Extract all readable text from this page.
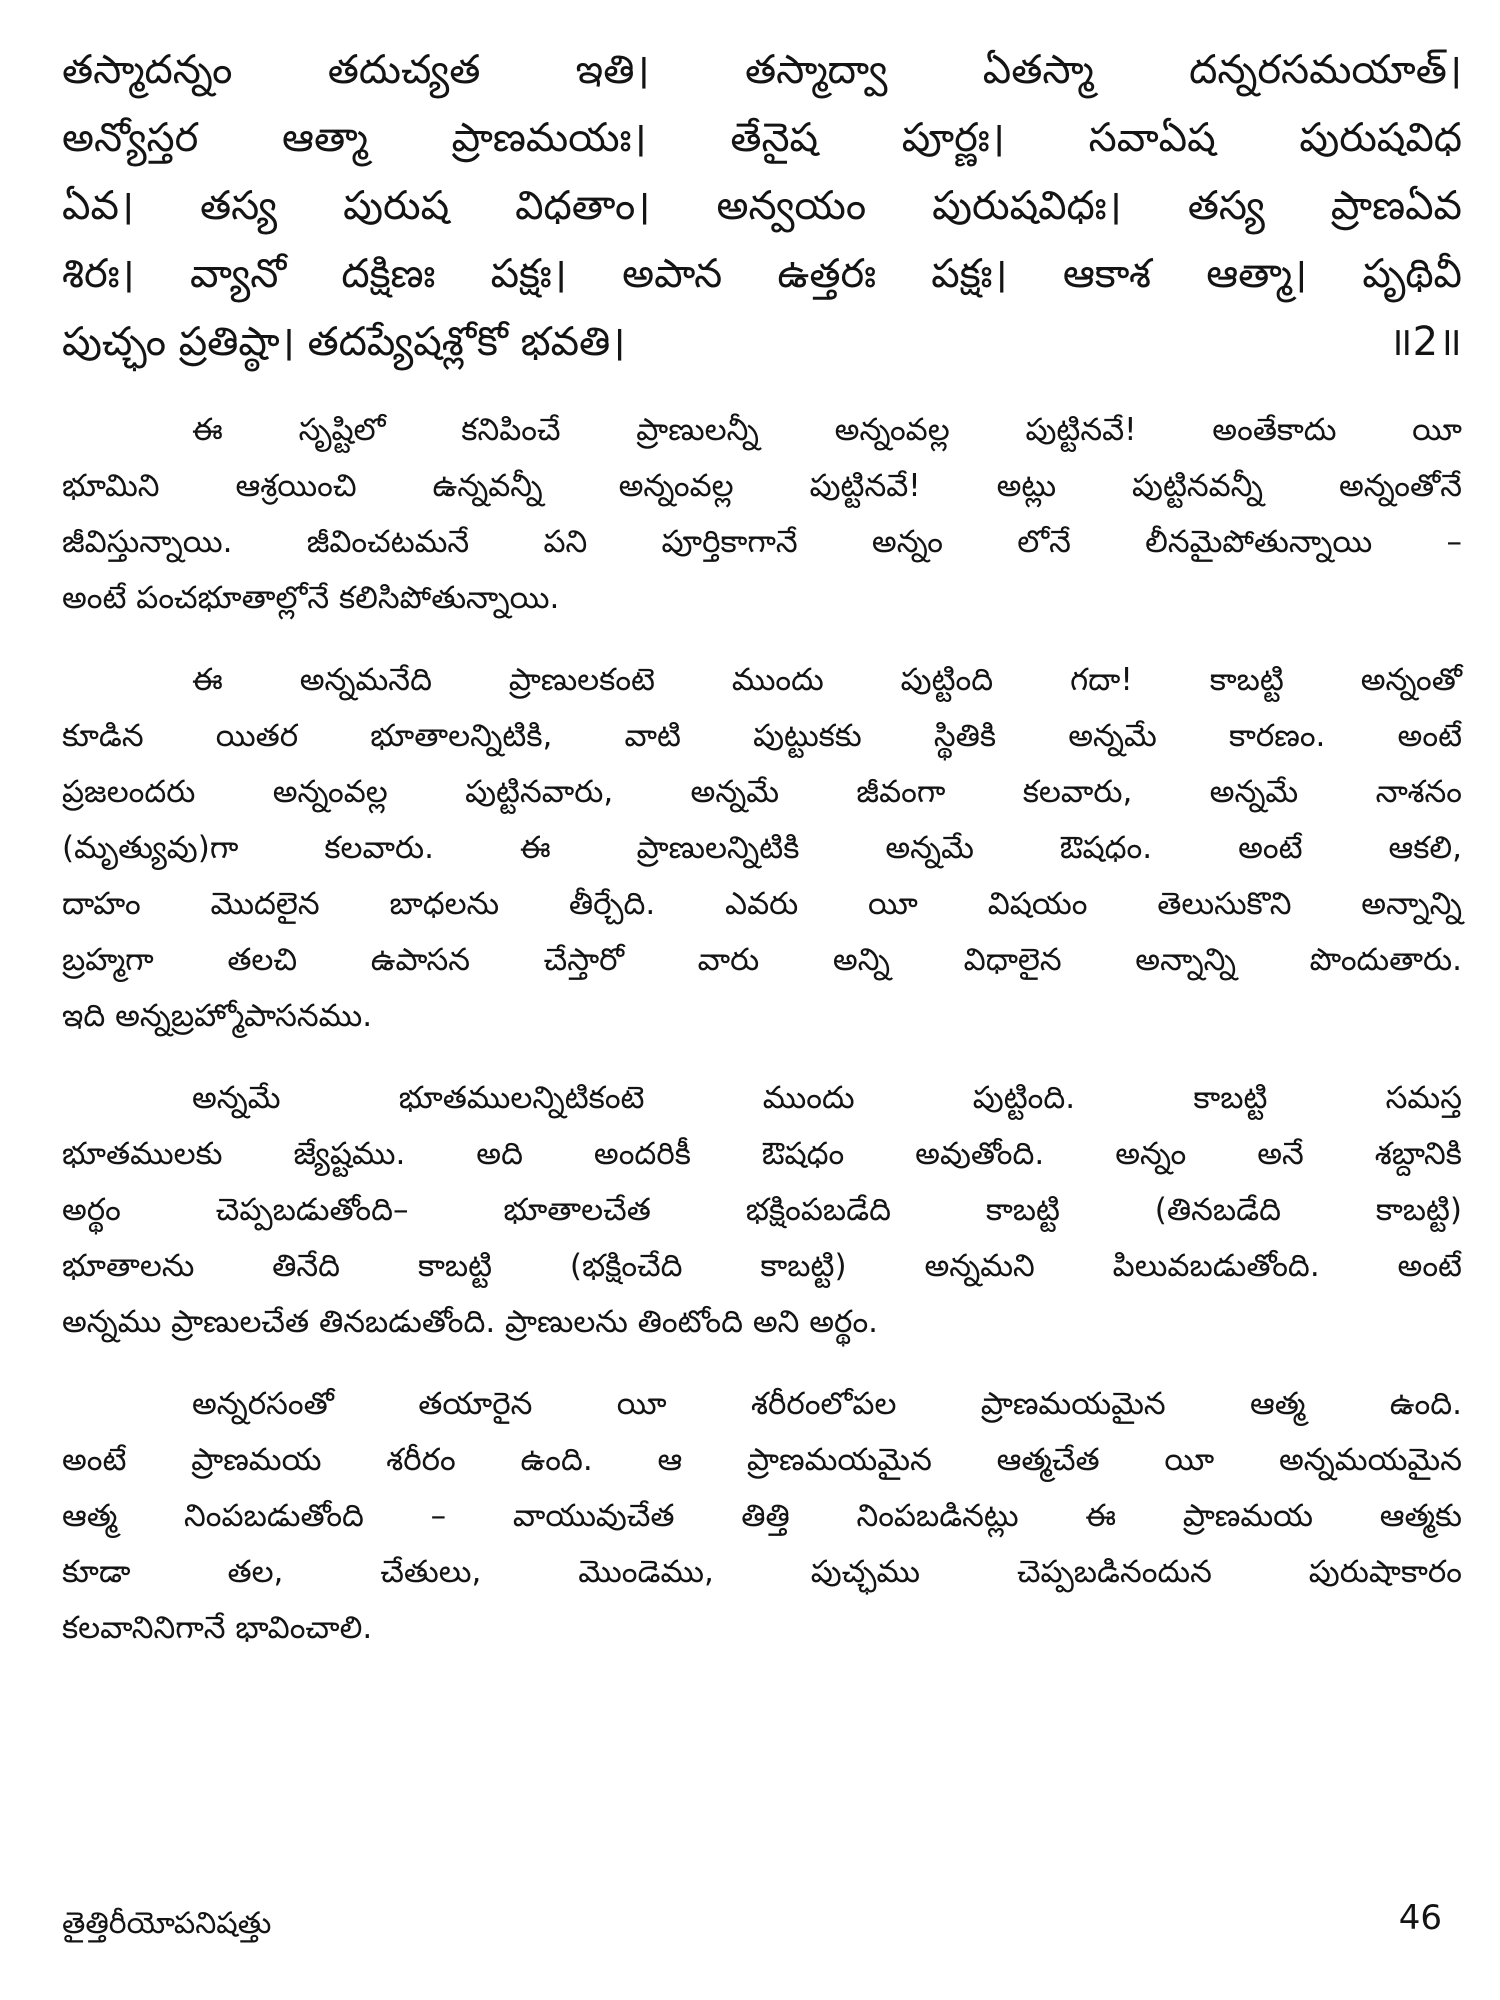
తస్మాదన్నం తదుచ్యత ఇతి। తస్మాద్వా ఏతస్మా దన్నరసమయాత్।
అన్యోస్తర ఆత్మా ప్రాణమయః। తేనైష పూర్ణః। సవాఏష పురుషవిధ
ఏవ। తస్య పురుష విధతాం। అన్వయం పురుషవిధః। తస్య ప్రాణఏవ
శిరః। వ్యానో దక్షిణః పక్షః। అపాన ఉత్తరః పక్షః। ఆకాశ ఆత్మా। పృథివీ
పుచ్ఛం ప్రతిష్ఠా। తదప్యేషశ్లోకో భవతి।	॥2॥
ఈ సృష్టిలో కనిపించే ప్రాణులన్నీ అన్నంవల్ల పుట్టినవే! అంతేకాదు యీ
భూమిని ఆశ్రయించి ఉన్నవన్నీ అన్నంవల్ల పుట్టినవే! అట్లు పుట్టినవన్నీ అన్నంతోనే
జీవిస్తున్నాయి. జీవించటమనే పని పూర్తికాగానే అన్నం లోనే లీనమైపోతున్నాయి –
అంటే పంచభూతాల్లోనే కలిసిపోతున్నాయి.
ఈ అన్నమనేది ప్రాణులకంటె ముందు పుట్టింది గదా! కాబట్టి అన్నంతో
కూడిన యితర భూతాలన్నిటికి, వాటి పుట్టుకకు స్థితికి అన్నమే కారణం. అంటే
ప్రజలందరు అన్నంవల్ల పుట్టినవారు, అన్నమే జీవంగా కలవారు, అన్నమే నాశనం
(మృత్యువు)గా కలవారు. ఈ ప్రాణులన్నిటికి అన్నమే ఔషధం. అంటే ఆకలి,
దాహం మొదలైన బాధలను తీర్చేది. ఎవరు యీ విషయం తెలుసుకొని అన్నాన్ని
బ్రహ్మగా తలచి ఉపాసన చేస్తారో వారు అన్ని విధాలైన అన్నాన్ని పొందుతారు.
ఇది అన్నబ్రహ్మోపాసనము.
అన్నమే భూతములన్నిటికంటె ముందు పుట్టింది. కాబట్టి సమస్త
భూతములకు జ్యేష్టము. అది అందరికీ ఔషధం అవుతోంది. అన్నం అనే శబ్దానికి
అర్థం చెప్పబడుతోంది– భూతాలచేత భక్షింపబడేది కాబట్టి (తినబడేది కాబట్టి)
భూతాలను తినేది కాబట్టి (భక్షించేది కాబట్టి) అన్నమని పిలువబడుతోంది. అంటే
అన్నము ప్రాణులచేత తినబడుతోంది. ప్రాణులను తింటోంది అని అర్థం.
అన్నరసంతో తయారైన యీ శరీరంలోపల ప్రాణమయమైన ఆత్మ ఉంది.
అంటే ప్రాణమయ శరీరం ఉంది. ఆ ప్రాణమయమైన ఆత్మచేత యీ అన్నమయమైన
ఆత్మ నింపబడుతోంది – వాయువుచేత తిత్తి నింపబడినట్లు ఈ ప్రాణమయ ఆత్మకు
కూడా తల, చేతులు, మొండెము, పుచ్ఛము చెప్పబడినందున పురుషాకారం
కలవానినిగానే భావించాలి.
తైత్తిరీయోపనిషత్తు	46
